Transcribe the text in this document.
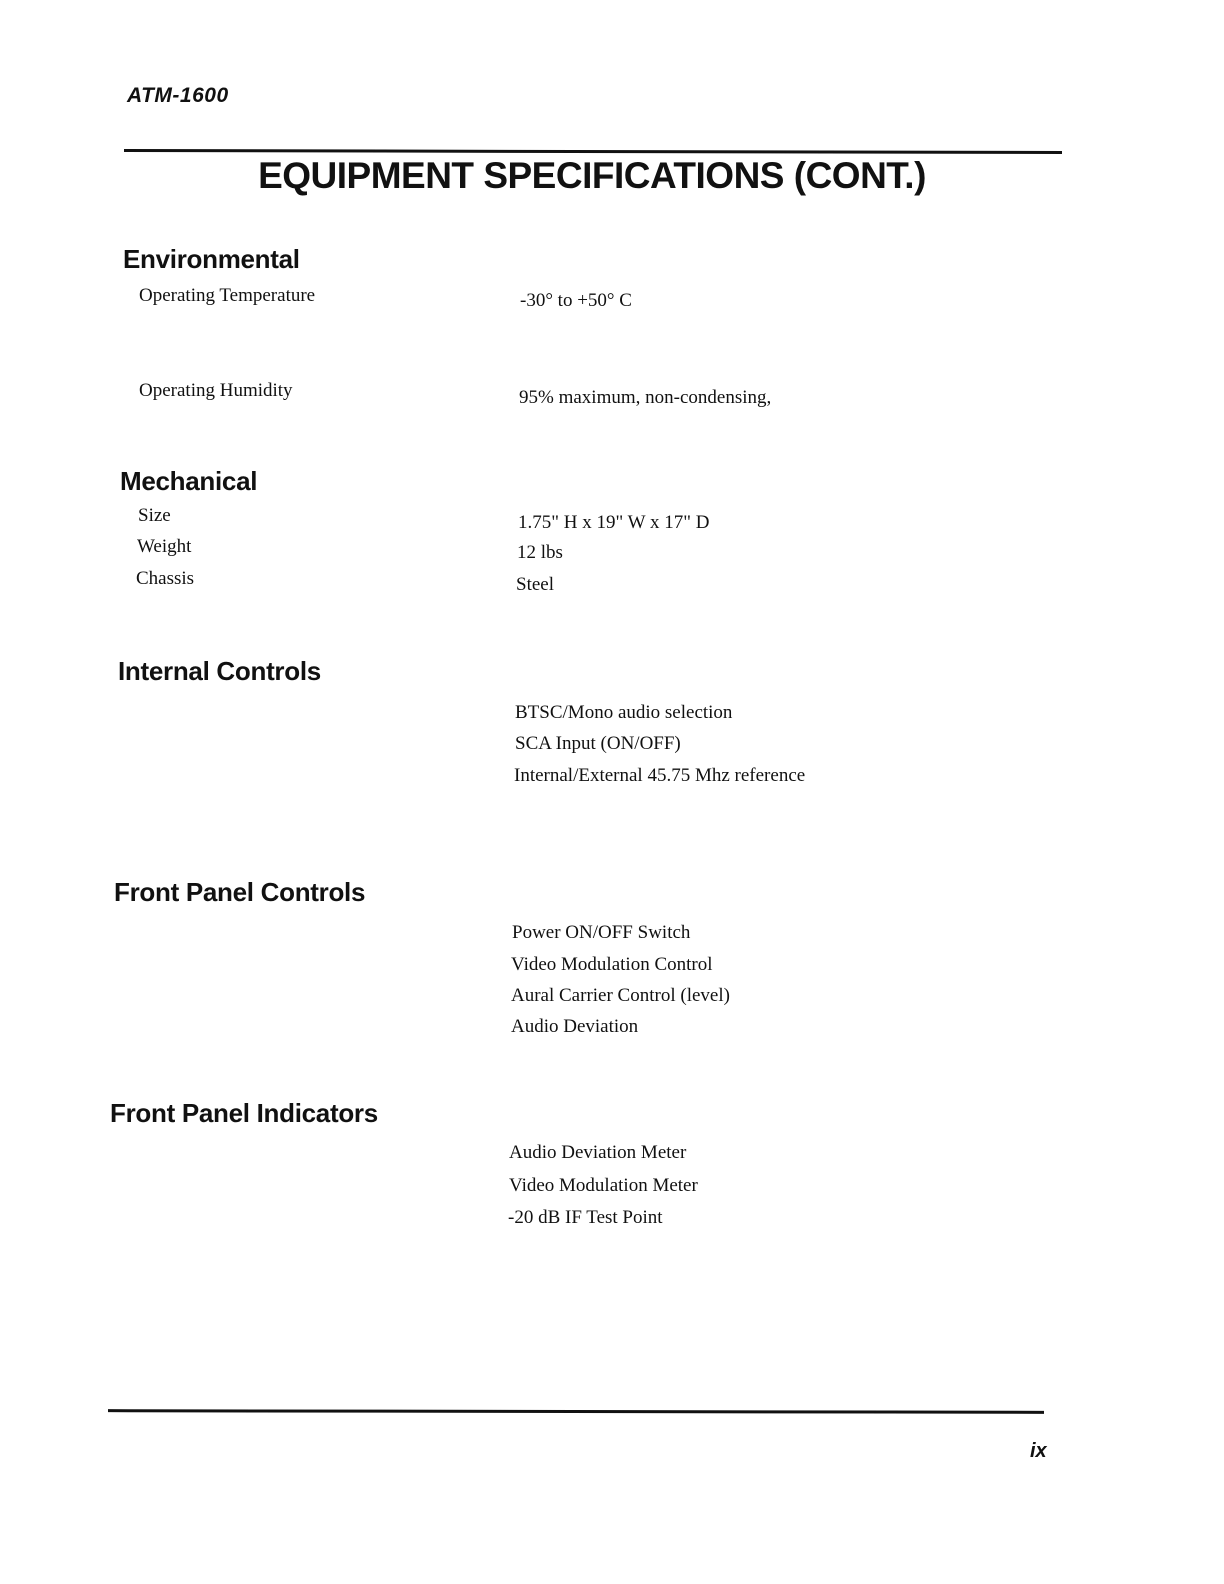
ATM-1600
EQUIPMENT SPECIFICATIONS (CONT.)
Environmental
Operating Temperature	-30° to +50° C
Operating Humidity	95% maximum, non-condensing,
Mechanical
Size	1.75" H x 19" W x 17" D
Weight	12 lbs
Chassis	Steel
Internal Controls
BTSC/Mono audio selection
SCA Input (ON/OFF)
Internal/External 45.75 Mhz reference
Front Panel Controls
Power ON/OFF Switch
Video Modulation Control
Aural Carrier Control (level)
Audio Deviation
Front Panel Indicators
Audio Deviation Meter
Video Modulation Meter
-20 dB IF Test Point
ix
